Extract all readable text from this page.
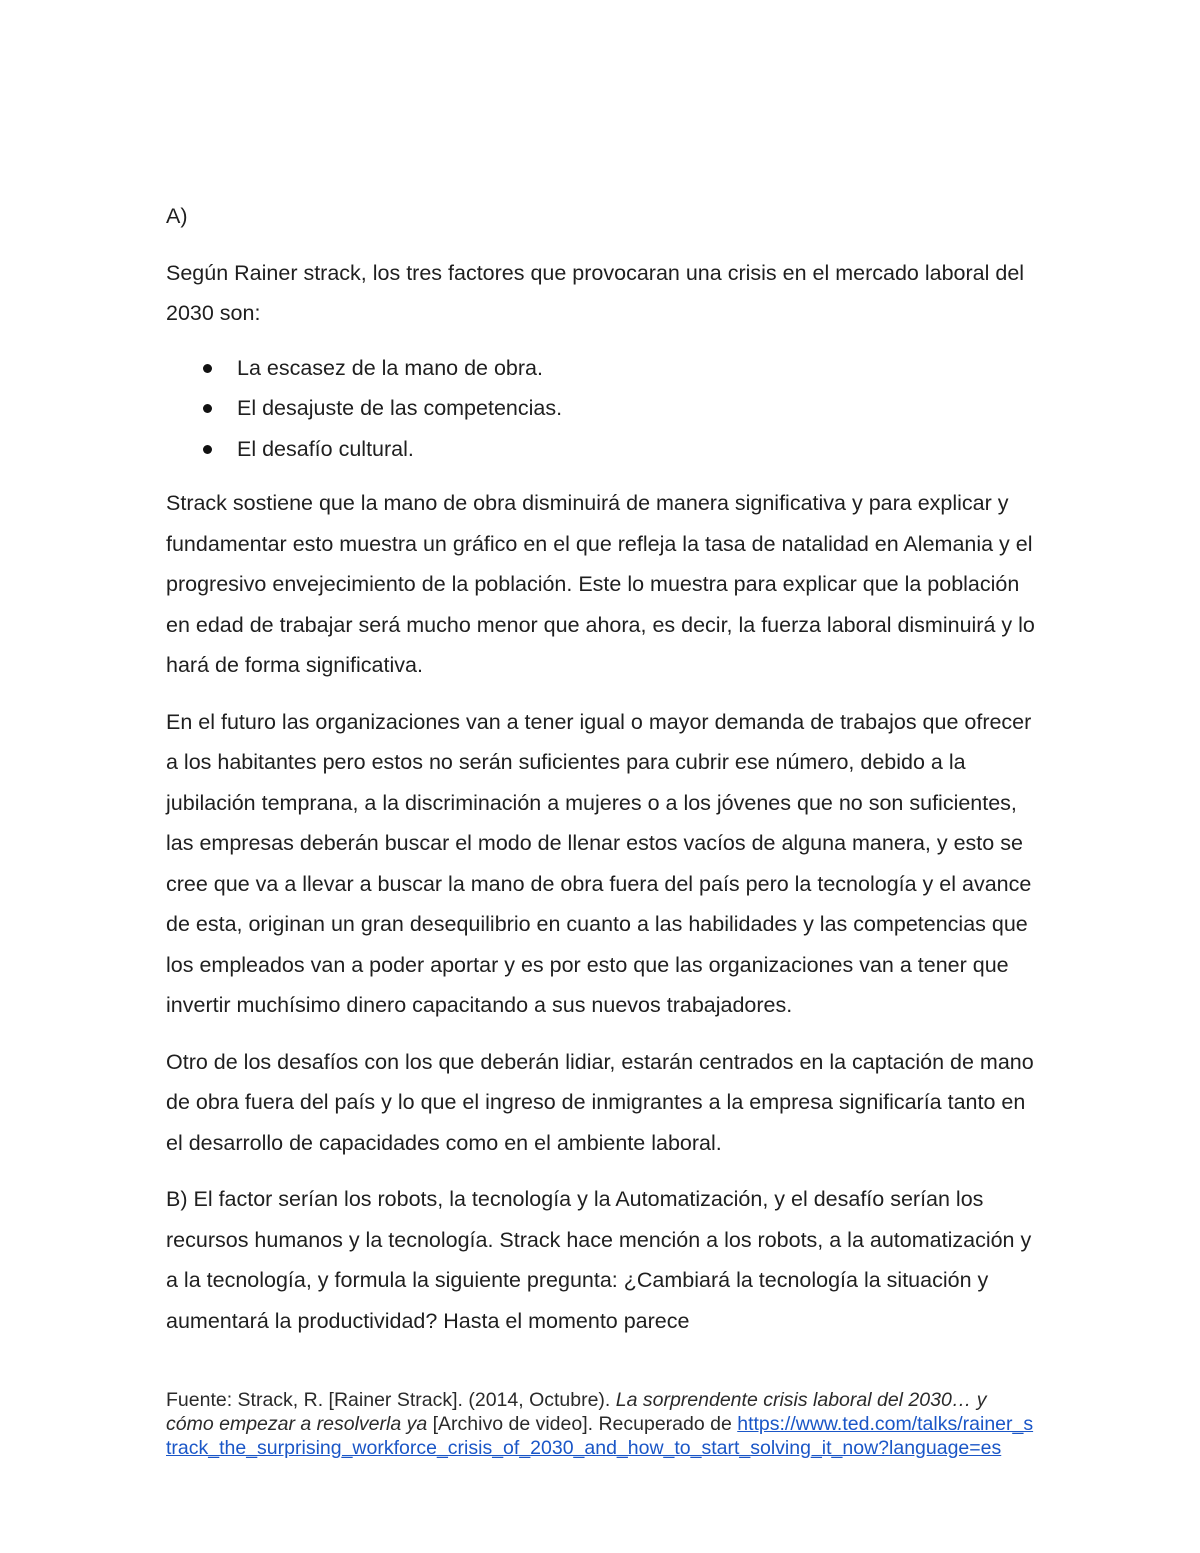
A)

Según Rainer strack, los tres factores que provocaran una crisis en el mercado laboral del 2030 son:

La escasez de la mano de obra.
El desajuste de las competencias.
El desafío cultural.

Strack sostiene que la mano de obra disminuirá de manera significativa y para explicar y fundamentar esto muestra un gráfico en el que refleja la tasa de natalidad en Alemania y el progresivo envejecimiento de la población. Este lo muestra para explicar que la población en edad de trabajar será mucho menor que ahora, es decir, la fuerza laboral disminuirá y lo hará de forma significativa.

En el futuro las organizaciones van a tener igual o mayor demanda de trabajos que ofrecer a los habitantes pero estos no serán suficientes para cubrir ese número, debido a la jubilación temprana, a la discriminación a mujeres o a los jóvenes que no son suficientes, las empresas deberán buscar el modo de llenar estos vacíos de alguna manera, y esto se cree que va a llevar a buscar la mano de obra fuera del país pero la tecnología y el avance de esta, originan un gran desequilibrio en cuanto a las habilidades y las competencias que los empleados van a poder aportar y es por esto que las organizaciones van a tener que invertir muchísimo dinero capacitando a sus nuevos trabajadores.

Otro de los desafíos con los que deberán lidiar, estarán centrados en la captación de mano de obra fuera del país y lo que el ingreso de inmigrantes a la empresa significaría tanto en el desarrollo de capacidades como en el ambiente laboral.

B) El factor serían los robots, la tecnología y la Automatización, y el desafío serían los recursos humanos y la tecnología. Strack hace mención a los robots, a la automatización y a la tecnología, y formula la siguiente pregunta: ¿Cambiará la tecnología la situación y aumentará la productividad? Hasta el momento parece

Fuente: Strack, R. [Rainer Strack]. (2014, Octubre). La sorprendente crisis laboral del 2030… y cómo empezar a resolverla ya [Archivo de video]. Recuperado de https://www.ted.com/talks/rainer_strack_the_surprising_workforce_crisis_of_2030_and_how_to_start_solving_it_now?language=es
